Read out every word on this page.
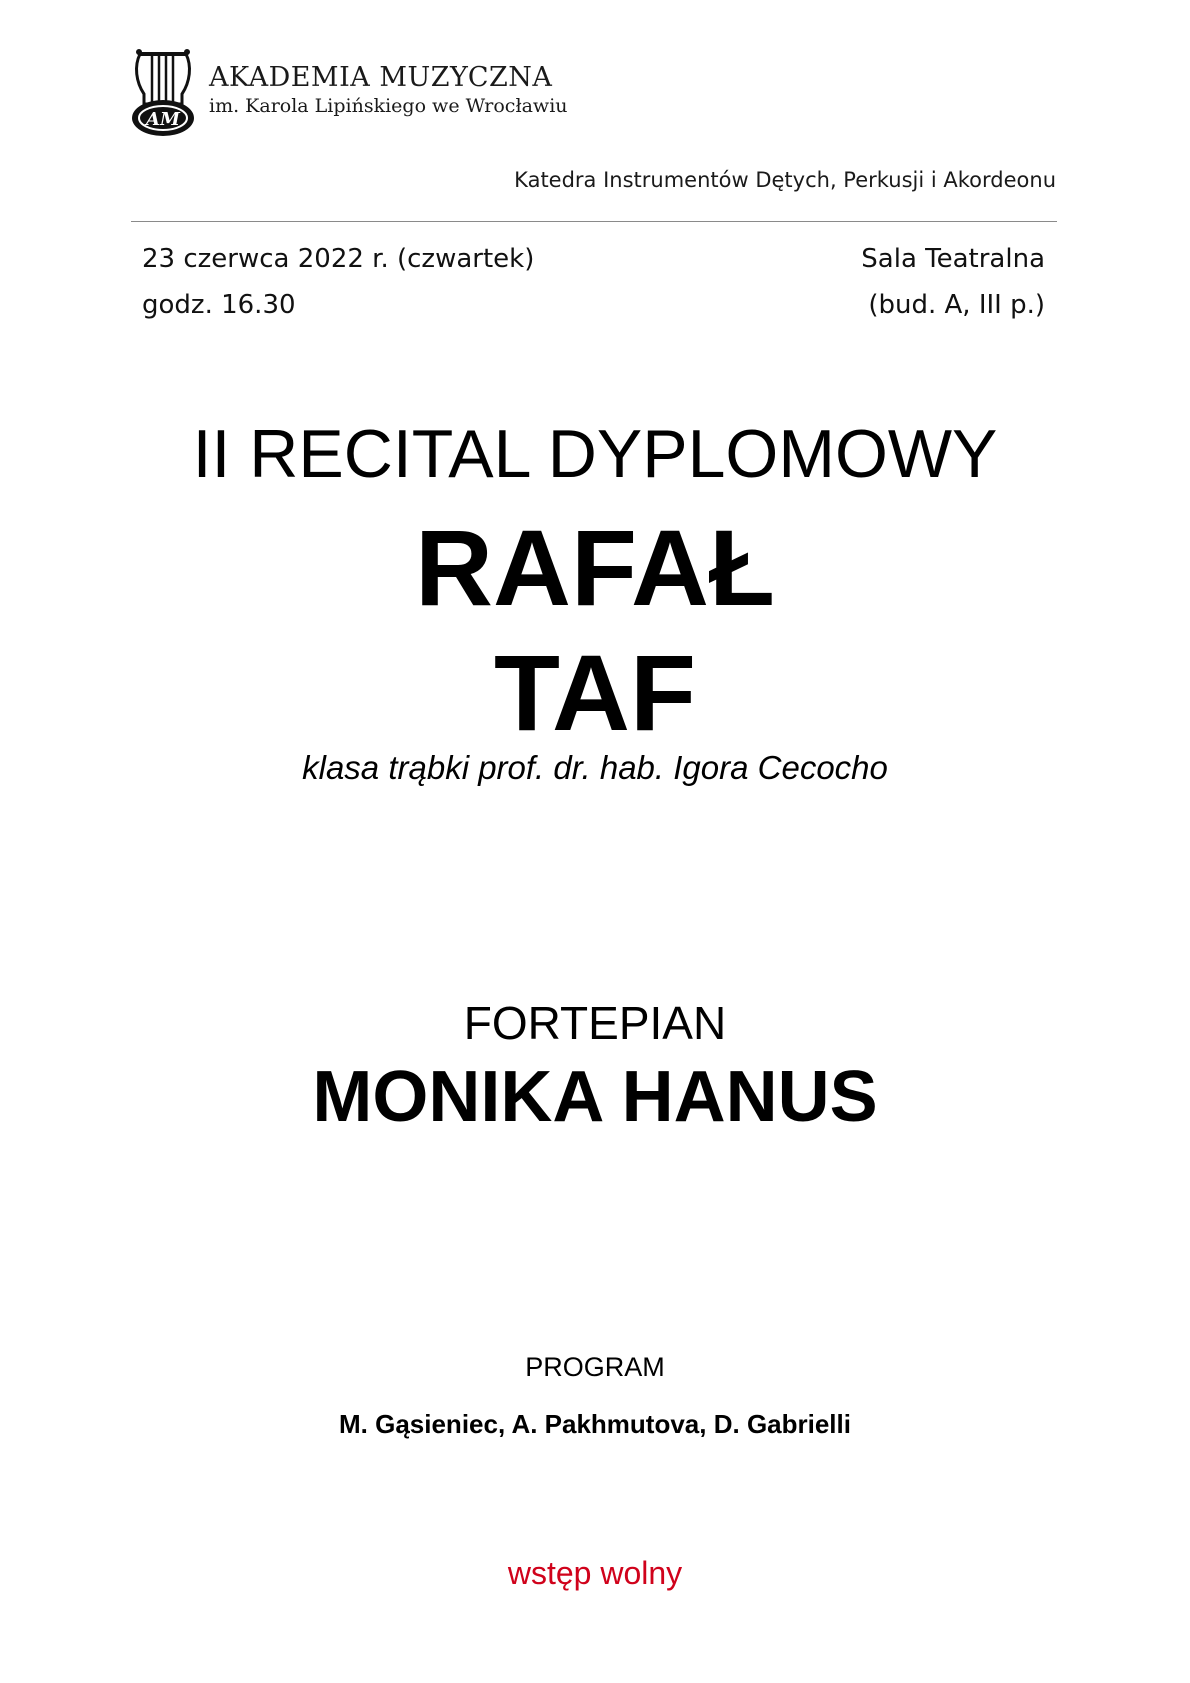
AM
AKADEMIA MUZYCZNA
im. Karola Lipińskiego we Wrocławiu
Katedra Instrumentów Dętych, Perkusji i Akordeonu
23 czerwca 2022 r. (czwartek)
godz. 16.30
Sala Teatralna
(bud. A, III p.)
II RECITAL DYPLOMOWY
RAFAŁ
TAF
klasa trąbki prof. dr. hab. Igora Cecocho
FORTEPIAN
MONIKA HANUS
PROGRAM
M. Gąsieniec, A. Pakhmutova, D. Gabrielli
wstęp wolny
